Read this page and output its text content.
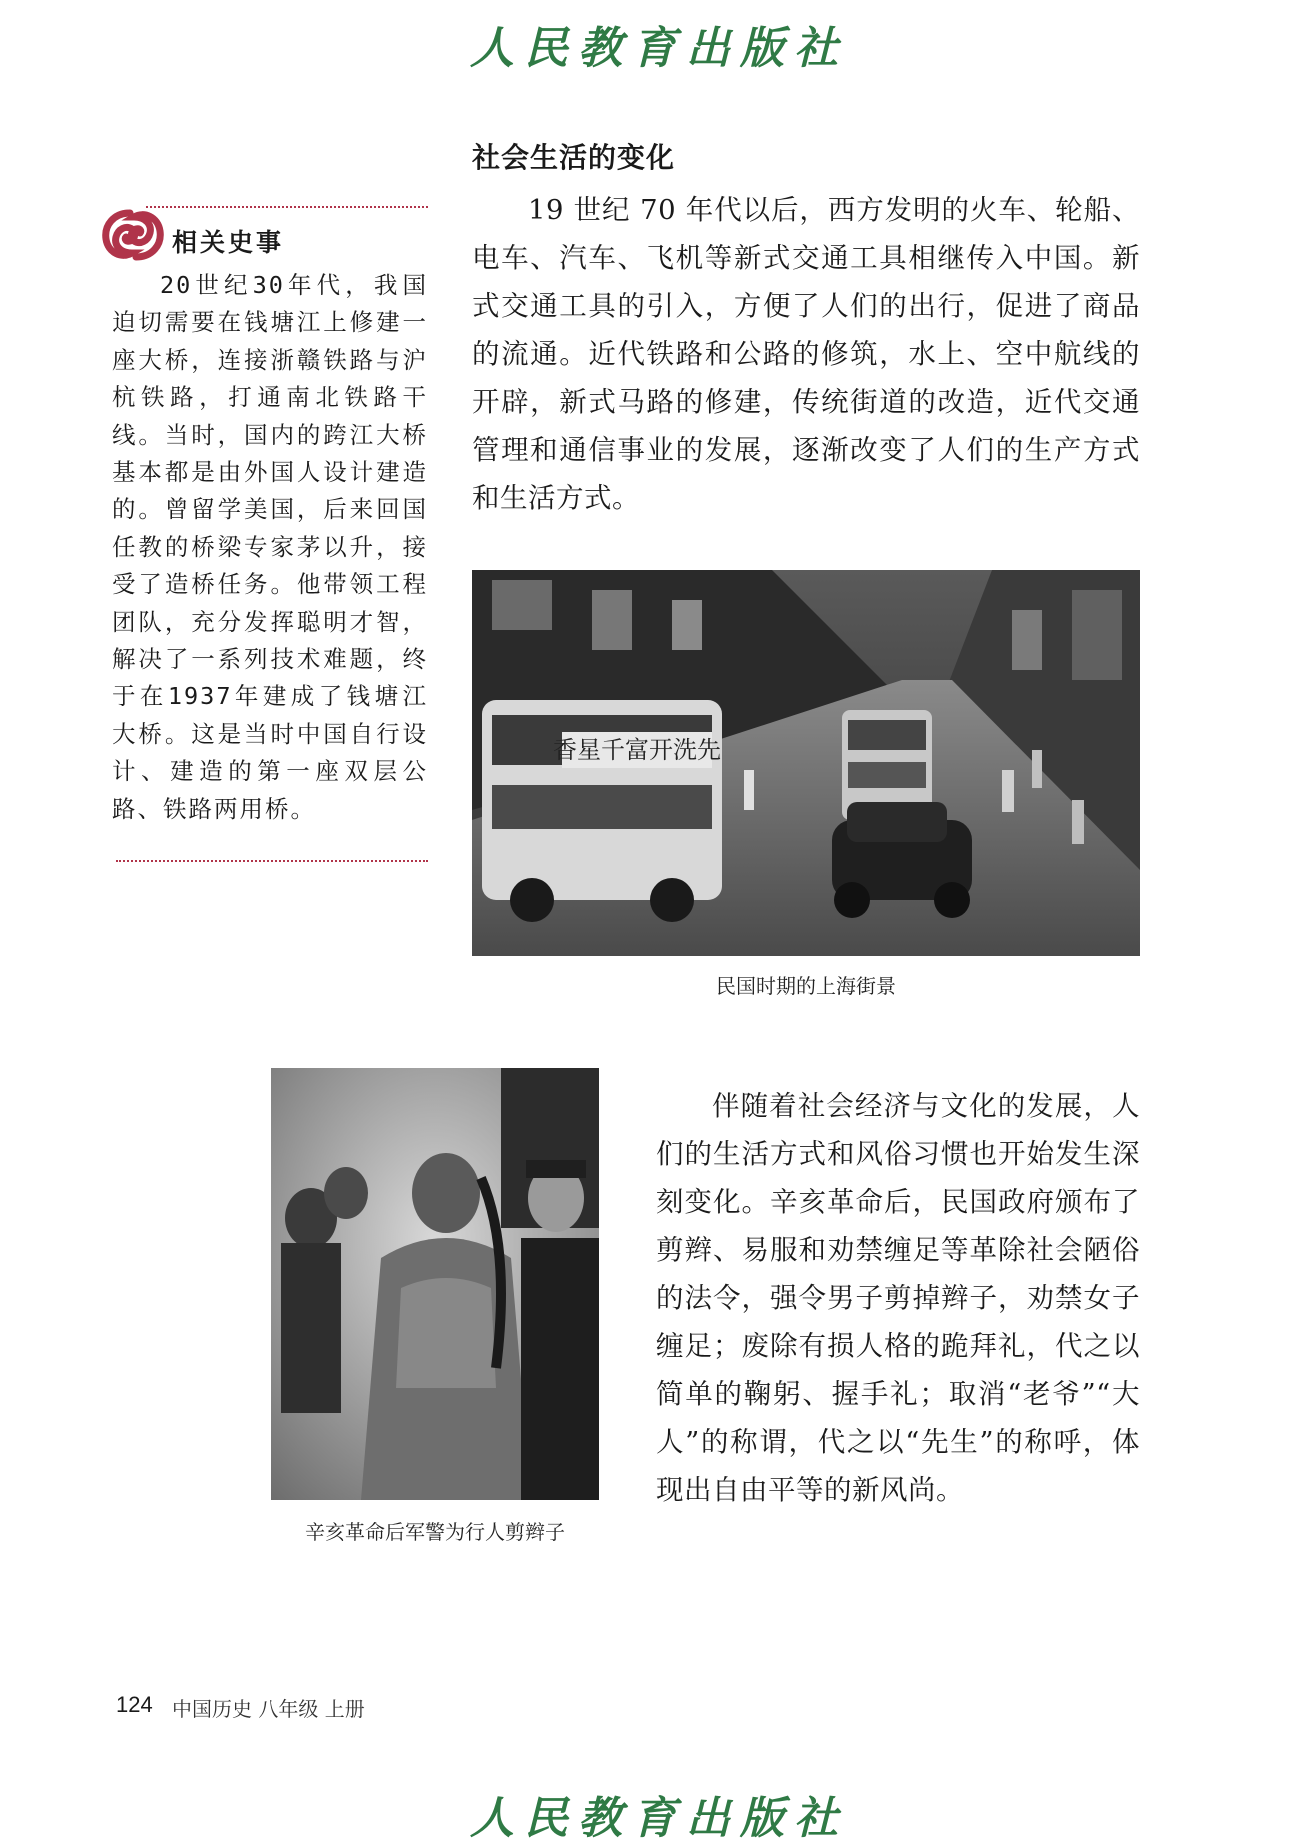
人民教育出版社
社会生活的变化
19 世纪 70 年代以后，西方发明的火车、轮船、电车、汽车、飞机等新式交通工具相继传入中国。新式交通工具的引入，方便了人们的出行，促进了商品的流通。近代铁路和公路的修筑，水上、空中航线的开辟，新式马路的修建，传统街道的改造，近代交通管理和通信事业的发展，逐渐改变了人们的生产方式和生活方式。
相关史事
20世纪30年代，我国迫切需要在钱塘江上修建一座大桥，连接浙赣铁路与沪杭铁路，打通南北铁路干线。当时，国内的跨江大桥基本都是由外国人设计建造的。曾留学美国，后来回国任教的桥梁专家茅以升，接受了造桥任务。他带领工程团队，充分发挥聪明才智，解决了一系列技术难题，终于在1937年建成了钱塘江大桥。这是当时中国自行设计、建造的第一座双层公路、铁路两用桥。
香星千富开洗先
民国时期的上海街景
辛亥革命后军警为行人剪辫子
伴随着社会经济与文化的发展，人们的生活方式和风俗习惯也开始发生深刻变化。辛亥革命后，民国政府颁布了剪辫、易服和劝禁缠足等革除社会陋俗的法令，强令男子剪掉辫子，劝禁女子缠足；废除有损人格的跪拜礼，代之以简单的鞠躬、握手礼；取消“老爷”“大人”的称谓，代之以“先生”的称呼，体现出自由平等的新风尚。
124 中国历史 八年级 上册
人民教育出版社
